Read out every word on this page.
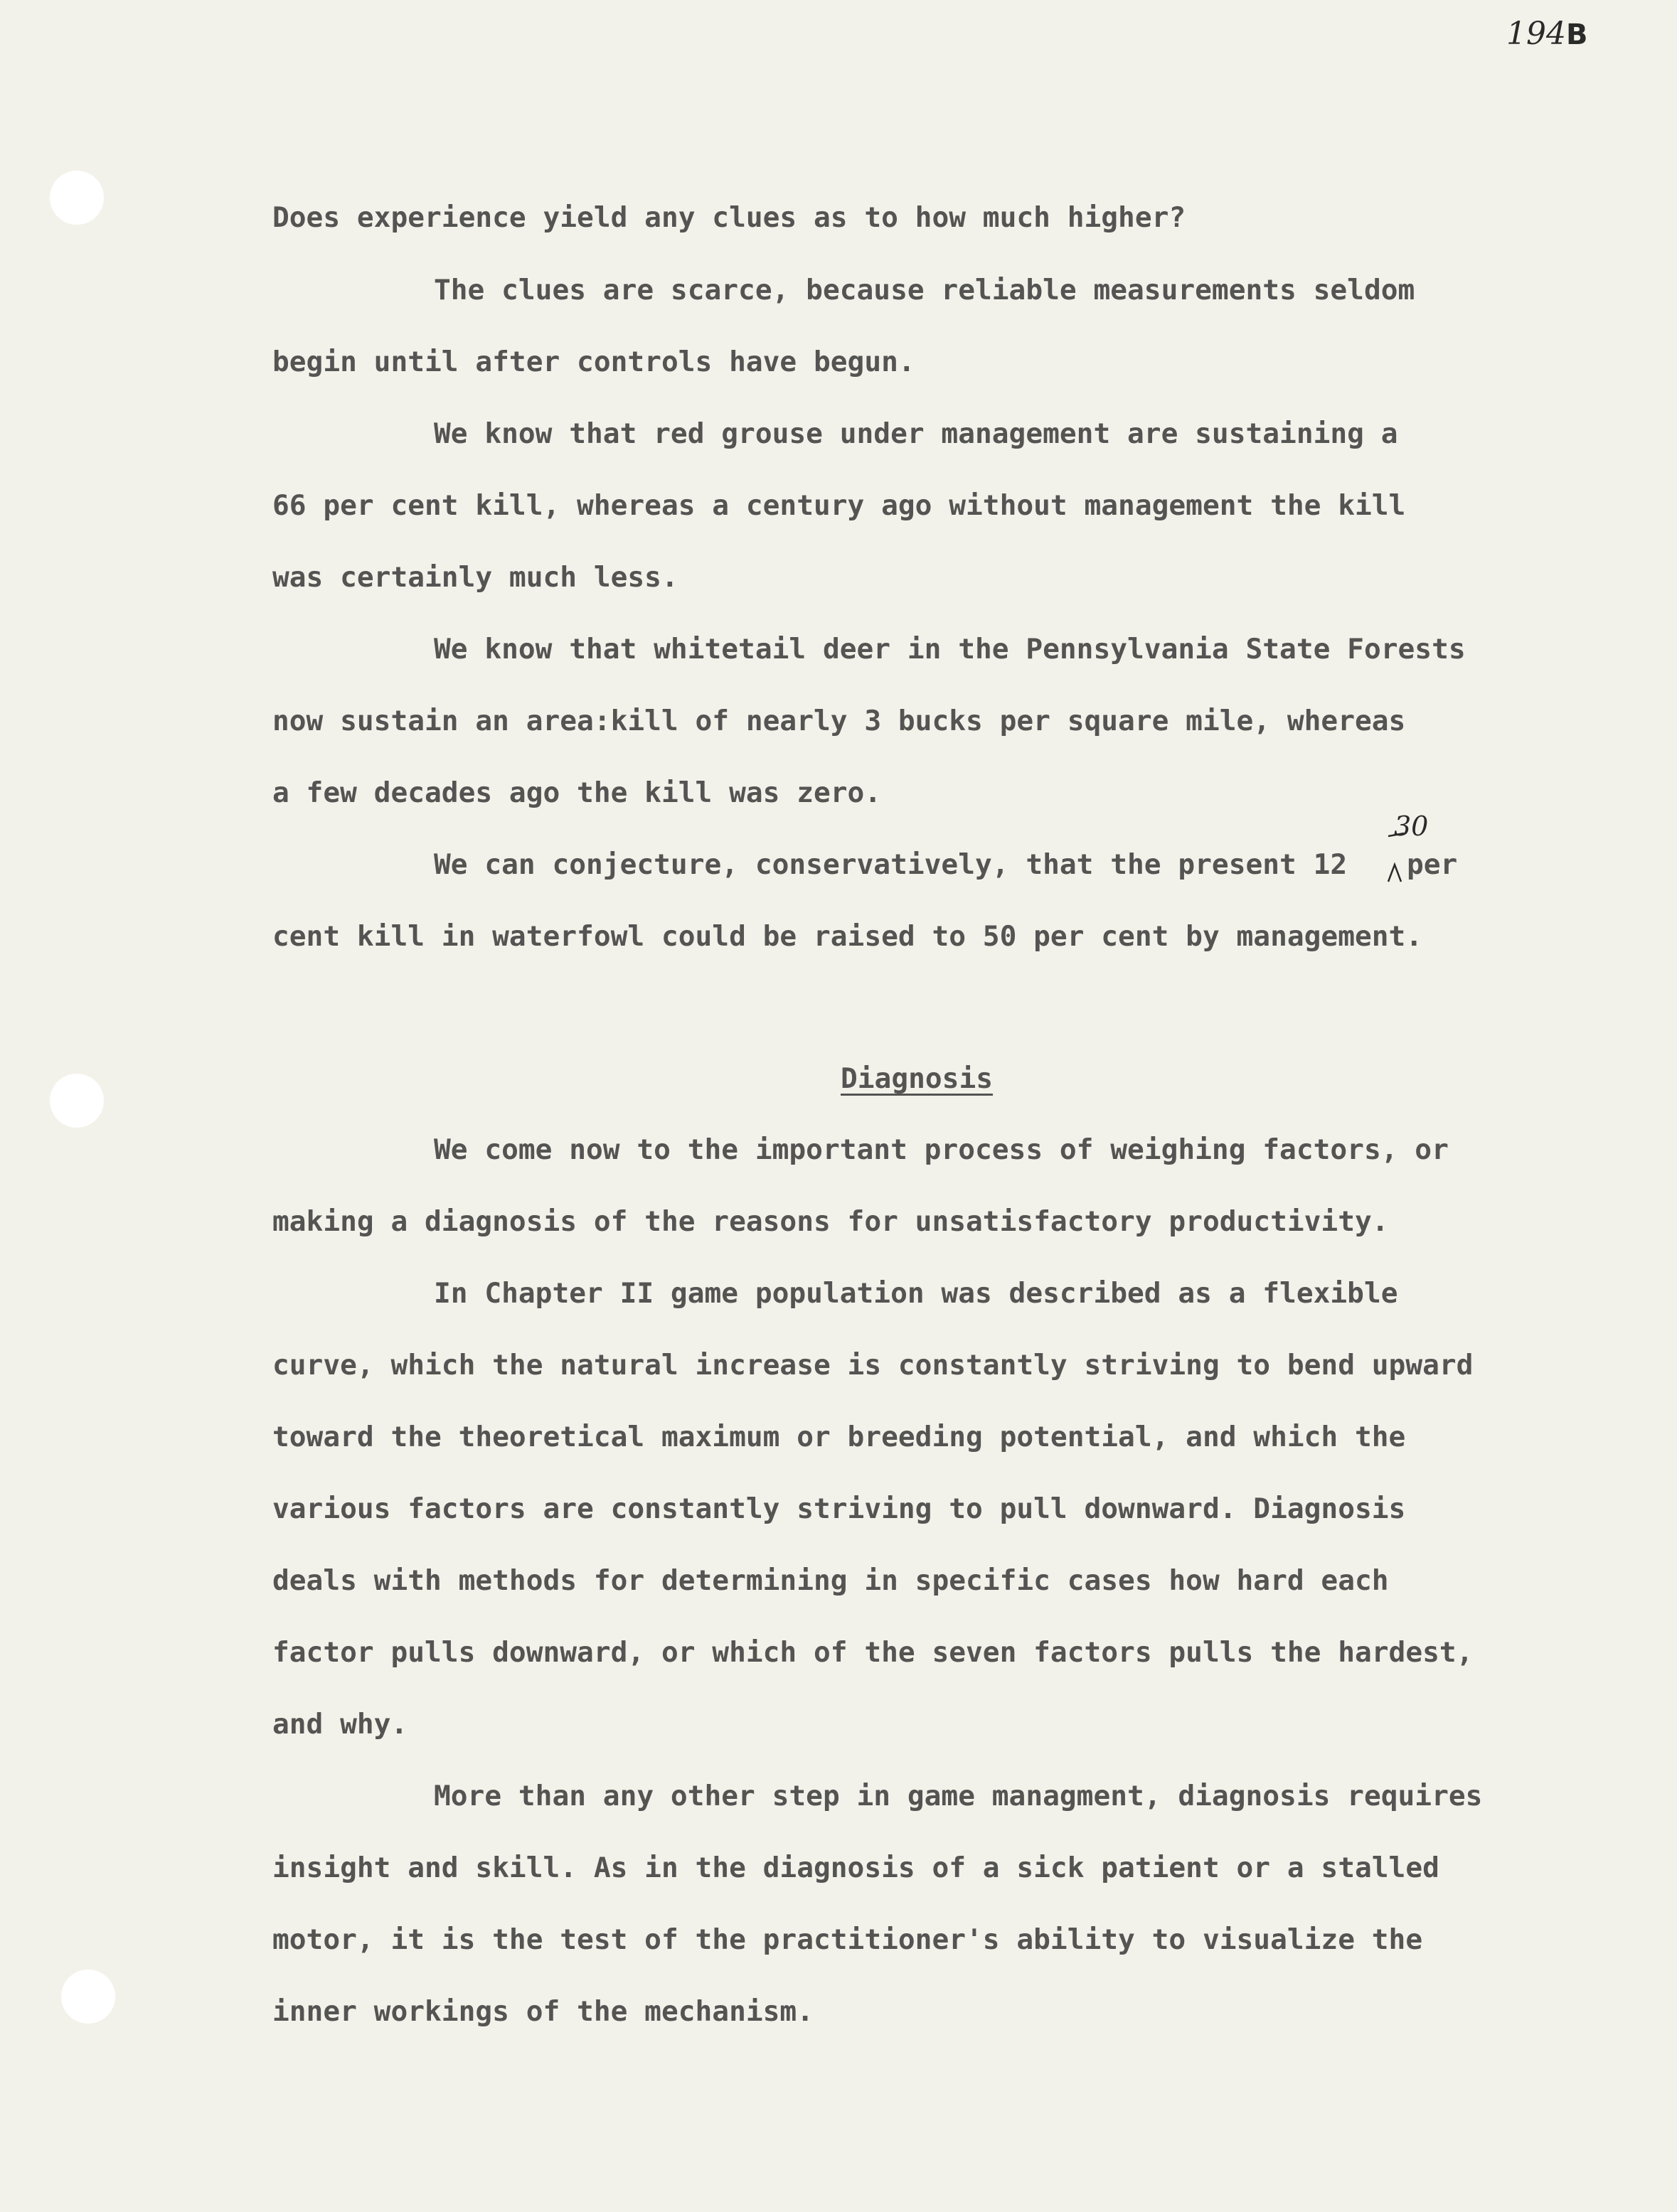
194B
Does experience yield any clues as to how much higher?
The clues are scarce, because reliable measurements seldom
begin until after controls have begun.
We know that red grouse under management are sustaining a
66 per cent kill, whereas a century ago without management the kill
was certainly much less.
We know that whitetail deer in the Pennsylvania State Forests
now sustain an area:kill of nearly 3 bucks per square mile, whereas
a few decades ago the kill was zero.
We can conjecture, conservatively, that the present 12 per
cent kill in waterfowl could be raised to 50 per cent by management.
Diagnosis
We come now to the important process of weighing factors, or
making a diagnosis of the reasons for unsatisfactory productivity.
In Chapter II game population was described as a flexible
curve, which the natural increase is constantly striving to bend upward
toward the theoretical maximum or breeding potential, and which the
various factors are constantly striving to pull downward. Diagnosis
deals with methods for determining in specific cases how hard each
factor pulls downward, or which of the seven factors pulls the hardest,
and why.
More than any other step in game managment, diagnosis requires
insight and skill. As in the diagnosis of a sick patient or a stalled
motor, it is the test of the practitioner's ability to visualize the
inner workings of the mechanism.
30
